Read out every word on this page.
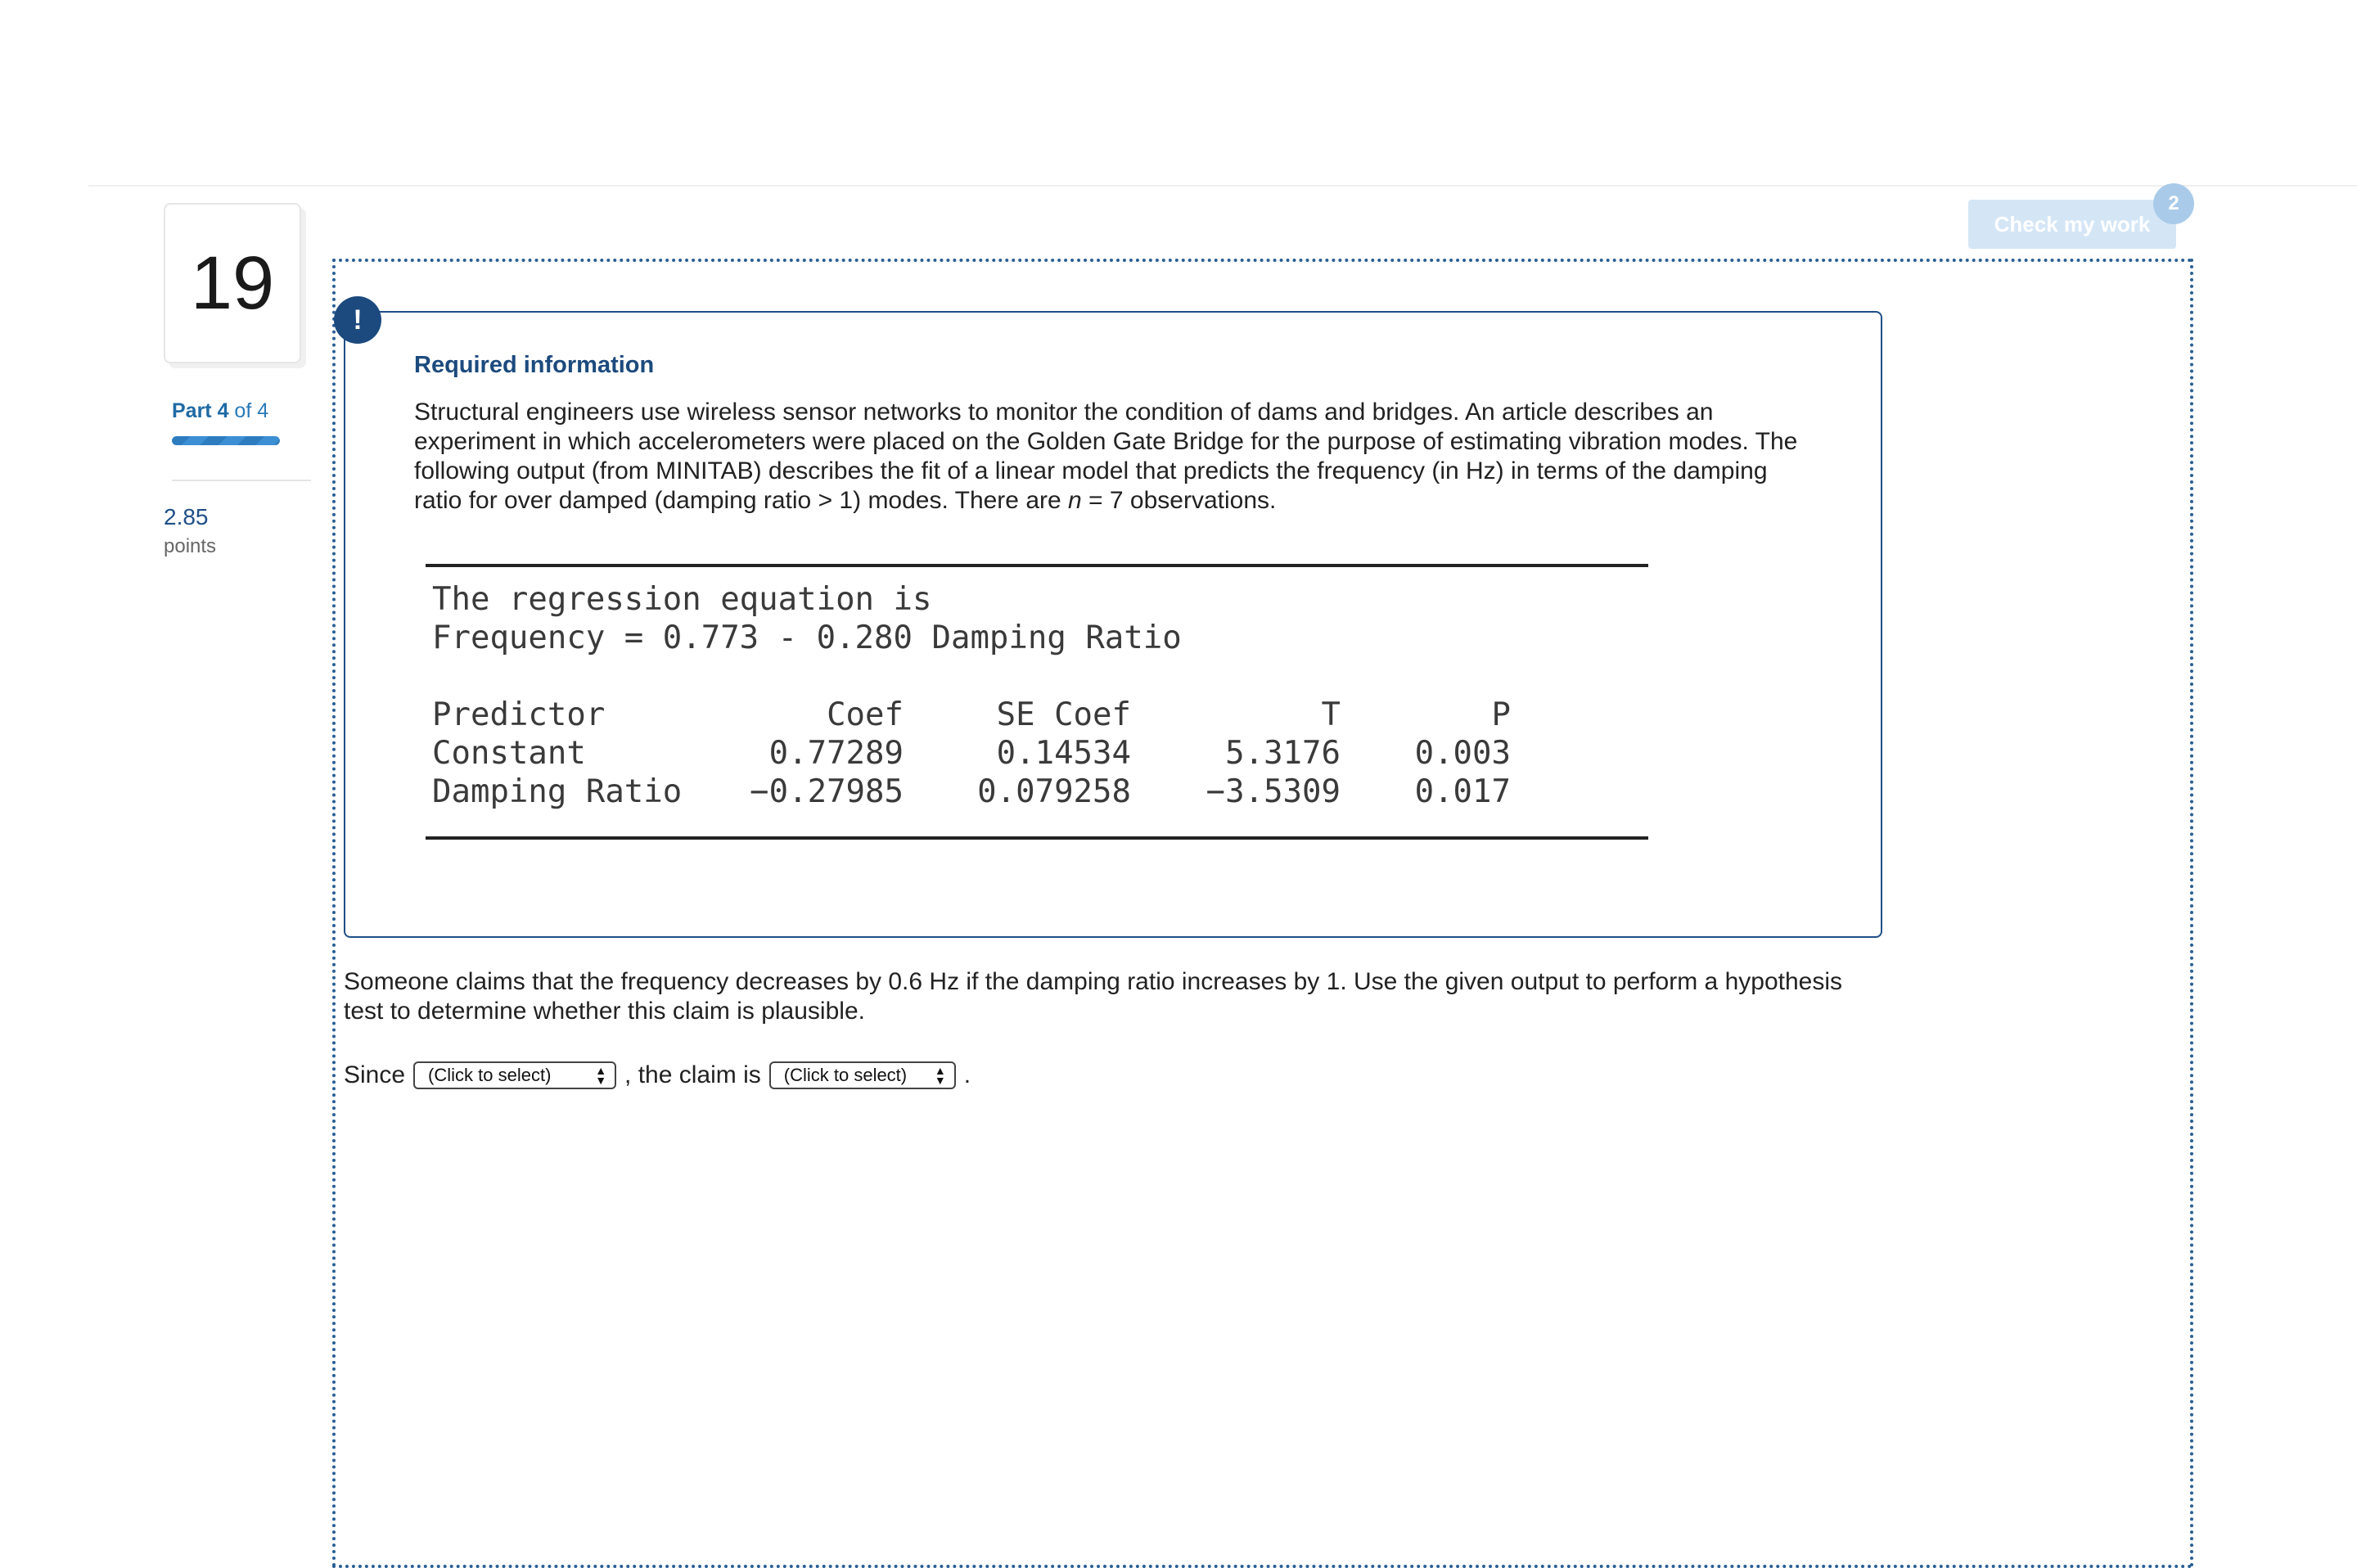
19
Part 4 of 4
2.85
points
Check my work
2
!
Required information
Structural engineers use wireless sensor networks to monitor the condition of dams and bridges. An article describes an experiment in which accelerometers were placed on the Golden Gate Bridge for the purpose of estimating vibration modes. The following output (from MINITAB) describes the fit of a linear model that predicts the frequency (in Hz) in terms of the damping ratio for over damped (damping ratio > 1) modes. There are n = 7 observations.
The regression equation is
Frequency = 0.773 - 0.280 Damping Ratio
Predictor	Coef	SE Coef	T	P
Constant	0.77289	0.14534	5.3176	0.003
Damping Ratio	−0.27985	0.079258	−3.5309	0.017
Someone claims that the frequency decreases by 0.6 Hz if the damping ratio increases by 1. Use the given output to perform a hypothesis test to determine whether this claim is plausible.
Since (Click to select)	▲
▼ , the claim is (Click to select) ▲
▼ .
